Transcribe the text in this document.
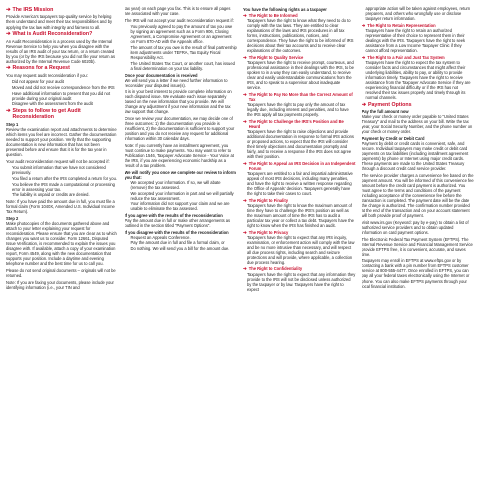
➔ The IRS Mission

Provide America's taxpayers top-quality service by helping them understand and meet their tax responsibilities and by applying the tax law with integrity and fairness to all.

➔ What is Audit Reconsideration?

An Audit Reconsideration is a process used by the Internal Revenue Service to help you when you disagree with the results of an IRS audit of your tax return, or a return created by you (or by the IRS because you did not file your return as authorized by the Internal Revenue Code 6020b).

➔ Reasons for a Request

You may request audit reconsideration if you:

• Did not appear for your audit
• Moved and did not receive correspondence from the IRS
• Have additional information to present that you did not provide during your original audit
• Disagree with the assessment from the audit
➔ Steps to follow to get Audit Reconsideration
Step 1

Review the examination report and attachments to determine which items you feel are incorrect. Gather the documentation needed to support your position. Verify that the supporting documentation is new information that has not been presented before and ensure that it is for the tax year in question.

Your audit reconsideration request will not be accepted if:

• You submit information that we have not considered previously.
• You filed a return after the IRS completed a return for you.
• You believe the IRS made a computational or processing error in assessing your tax.
• The liability is unpaid or credits are denied.

Note: If you have paid the amount due in full, you must file a formal claim (Form 1040X, Amended U.S. Individual Income Tax Return).

Step 2

Make photocopies of the documents gathered above and attach to your letter explaining your request for reconsideration. Please ensure that you are clear as to which changes you want us to consider. Form 12661, Disputed Issue Verification, is recommended to explain the issues you disagree with. If available, attach a copy of your examination report, Form 4549, along with the new documentation that supports your position. Include a daytime and evening telephone number and the best time for us to call you.

Please do not send original documents – originals will not be returned.

Note: If you are faxing your documents, please include your identifying information (i.e., your TIN and

tax year) on each page you fax. This is to ensure all pages are associated with your case.

The IRS will not accept your audit reconsideration request if:

• You previously agreed to pay the amount of tax you owe by signing an agreement such as a Form 906, Closing Agreement, a Compromise Agreement or an agreement on Form 870-AD with the Appeals office.
• The amount of tax you owe is the result of final partnership item adjustments under TEFRA, Tax Equity Fiscal Responsibility Act.
• The United States Tax Court, or another court, has issued a final determination on your tax liability.
Once your documentation is received

We will send you a letter if we need further information to reconsider your disputed issue(s).

It is in your best interest to provide complete information on each disputed issue. We evaluate each issue separately based on the new information that you provide. We will change any adjustment if your new information and the tax law support that change.

Once we review your documentation, we may decide one of three outcomes: 1) the documentation you provide is insufficient, 2) the documentation is sufficient to support your position and you do not receive any request for additional information within 30 calendar days.

Note: If you currently have an installment agreement, you must continue to make payments. You may want to refer to Publication 1546, Taxpayer Advocate Service - Your Voice at the IRS, if you are experiencing economic hardship as a result of a tax problem.

We will notify you once we complete our review to inform you that:
• We accepted your information. If so, we will abate (remove) the tax assessed.
• We accepted your information in part and we will partially reduce the tax assessment.
• Your information did not support your claim and we are unable to eliminate the tax assessed.
If you agree with the results of the reconsideration

Pay the amount due in full or make other arrangements as outlined in the section titled "Payment Options".

If you disagree with the results of the reconsideration
• Request an Appeals Conference.
• Pay the amount due in full and file a formal claim, or
• Do nothing. We will send you a bill for the amount due.
You have the following rights as a taxpayer
➔ The Right to Be Informed

Taxpayers have the right to know what they need to do to comply with the tax laws. They are entitled to clear explanations of the laws and IRS procedures in all tax forms, instructions, publications, notices, and correspondence. They have the right to be informed of IRS decisions about their tax accounts and to receive clear explanations of the outcomes.

➔ The Right to Quality Service

Taxpayers have the right to receive prompt, courteous, and professional assistance in their dealings with the IRS, to be spoken to in a way they can easily understand, to receive clear and easily understandable communications from the IRS, and to speak to a supervisor about inadequate service.

➔ The Right to Pay No More than the Correct Amount of Tax

Taxpayers have the right to pay only the amount of tax legally due, including interest and penalties, and to have the IRS apply all tax payments properly.

➔ The Right to Challenge the IRS's Position and Be Heard

Taxpayers have the right to raise objections and provide additional documentation in response to formal IRS actions or proposed actions, to expect that the IRS will consider their timely objections and documentation promptly and fairly, and to receive a response if the IRS does not agree with their position.

➔ The Right to Appeal an IRS Decision in an Independent Forum

Taxpayers are entitled to a fair and impartial administrative appeal of most IRS decisions, including many penalties, and have the right to receive a written response regarding the Office of Appeals' decision. Taxpayers generally have the right to take their cases to court.

➔ The Right to Finality

Taxpayers have the right to know the maximum amount of time they have to challenge the IRS's position as well as the maximum amount of time the IRS has to audit a particular tax year or collect a tax debt. Taxpayers have the right to know when the IRS has finished an audit.

➔ The Right to Privacy

Taxpayers have the right to expect that any IRS inquiry, examination, or enforcement action will comply with the law and be no more intrusive than necessary, and will respect all due process rights, including search and seizure protections and will provide, where applicable, a collection due process hearing.

➔ The Right to Confidentiality

Taxpayers have the right to expect that any information they provide to the IRS will not be disclosed unless authorized by the taxpayer or by law. Taxpayers have the right to expect

appropriate action will be taken against employees, return preparers, and others who wrongfully use or disclose taxpayer return information.

➔ The Right to Retain Representation

Taxpayers have the right to retain an authorized representative of their choice to represent them in their dealings with the IRS. Taxpayers have the right to seek assistance from a Low Income Taxpayer Clinic if they cannot afford representation.

➔ The Right to a Fair and Just Tax System

Taxpayers have the right to expect the tax system to consider facts and circumstances that might affect their underlying liabilities, ability to pay, or ability to provide information timely. Taxpayers have the right to receive assistance from the Taxpayer Advocate Service if they are experiencing financial difficulty or if the IRS has not resolved their tax issues properly and timely through its normal channels.

➔ Payment Options
Pay the full amount now

Make your check or money order payable to "United States Treasury" and mail to the address on your bill. Write the tax year, your Social Security Number, and the phone number on your check or money order.

Payment by Credit or Debit Card

Payment by debit or credit cards is convenient, safe, and secure. Individual taxpayers may make credit or debit card payments on tax liabilities (including installment agreement payments) by phone or Internet using major credit cards. These payments are made to the United States Treasury through a discount credit card service provider.

The service provider charges a convenience fee based on the payment amount. You will be informed of this convenience fee amount before the credit card payment is authorized. You must agree to the terms and conditions of the payment including acceptance of the convenience fee before the transaction is completed. The payment date will be the date the charge is authorized. The confirmation number provided at the end of the transaction and on your account statement will both provide proof of payment.

Visit www.irs.gov (Keyword: pay by e-pay) to obtain a list of authorized service providers and to obtain updated information on card payment options.

The Electronic Federal Tax Payment System (EFTPS). The Internal Revenue Service and Financial Management Service provide EFTPS free, it is convenient, accurate, and saves time.

Taxpayers may enroll in EFTPS at www.eftps.gov or by contacting a bank with a pin number from EFTPS customer service at 800-555-4477. Once enrolled in EFTPS, you can pay all your federal taxes electronically using the Internet or phone. You can also make EFTPS payments through your local financial institution.
